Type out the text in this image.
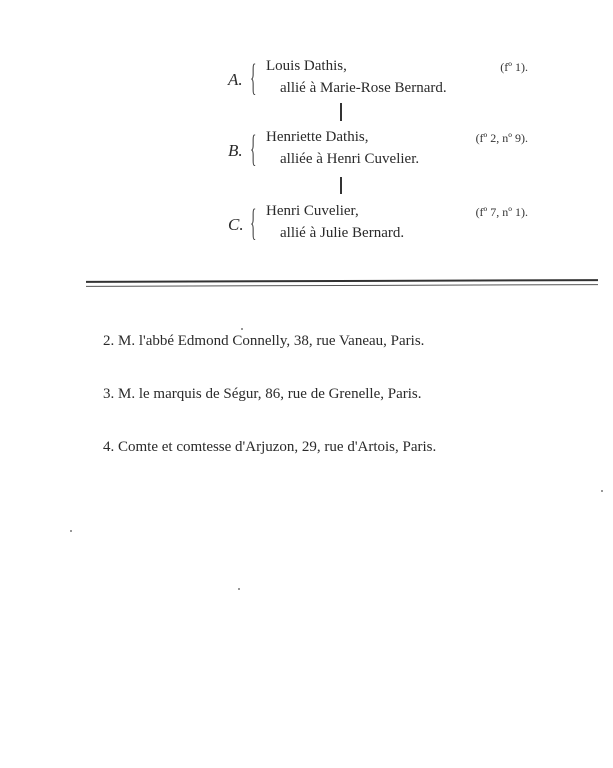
A. { Louis Dathis,
allié à Marie-Rose Bernard.
(fº 1).
B. { Henriette Dathis,
alliée à Henri Cuvelier.
(fº 2, nº 9).
C. { Henri Cuvelier,
allié à Julie Bernard.
(fº 7, nº 1).
2. M. l'abbé Edmond Connelly, 38, rue Vaneau, Paris.
3. M. le marquis de Ségur, 86, rue de Grenelle, Paris.
4. Comte et comtesse d'Arjuzon, 29, rue d'Artois, Paris.
